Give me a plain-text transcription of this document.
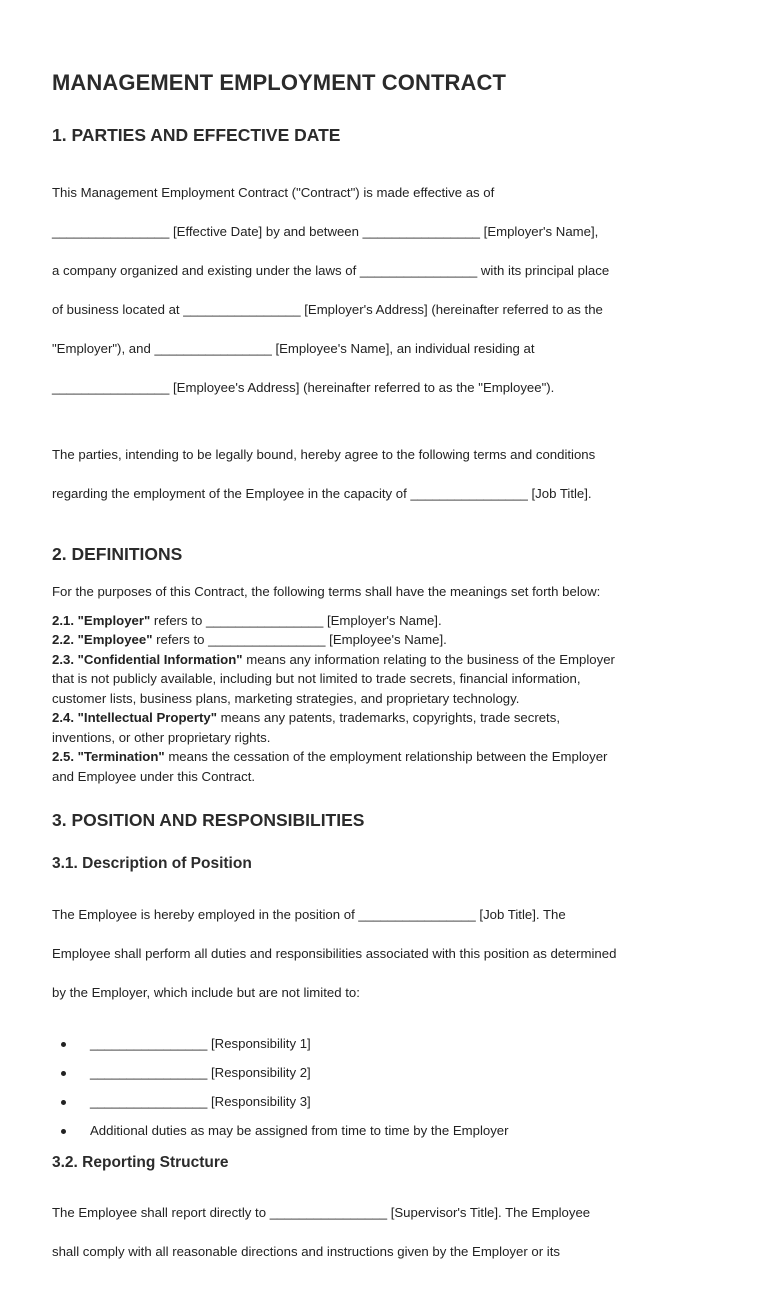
MANAGEMENT EMPLOYMENT CONTRACT
1. PARTIES AND EFFECTIVE DATE

This Management Employment Contract ("Contract") is made effective as of

________________ [Effective Date] by and between ________________ [Employer's Name],

a company organized and existing under the laws of ________________ with its principal place

of business located at ________________ [Employer's Address] (hereinafter referred to as the

"Employer"), and ________________ [Employee's Name], an individual residing at

________________ [Employee's Address] (hereinafter referred to as the "Employee").

The parties, intending to be legally bound, hereby agree to the following terms and conditions

regarding the employment of the Employee in the capacity of ________________ [Job Title].

2. DEFINITIONS
For the purposes of this Contract, the following terms shall have the meanings set forth below:
2.1. "Employer" refers to ________________ [Employer's Name].
2.2. "Employee" refers to ________________ [Employee's Name].
2.3. "Confidential Information" means any information relating to the business of the Employer
that is not publicly available, including but not limited to trade secrets, financial information,
customer lists, business plans, marketing strategies, and proprietary technology.
2.4. "Intellectual Property" means any patents, trademarks, copyrights, trade secrets,
inventions, or other proprietary rights.
2.5. "Termination" means the cessation of the employment relationship between the Employer
and Employee under this Contract.
3. POSITION AND RESPONSIBILITIES
3.1. Description of Position

The Employee is hereby employed in the position of ________________ [Job Title]. The

Employee shall perform all duties and responsibilities associated with this position as determined

by the Employer, which include but are not limited to:

________________ [Responsibility 1]
________________ [Responsibility 2]
________________ [Responsibility 3]
Additional duties as may be assigned from time to time by the Employer
3.2. Reporting Structure

The Employee shall report directly to ________________ [Supervisor's Title]. The Employee

shall comply with all reasonable directions and instructions given by the Employer or its
